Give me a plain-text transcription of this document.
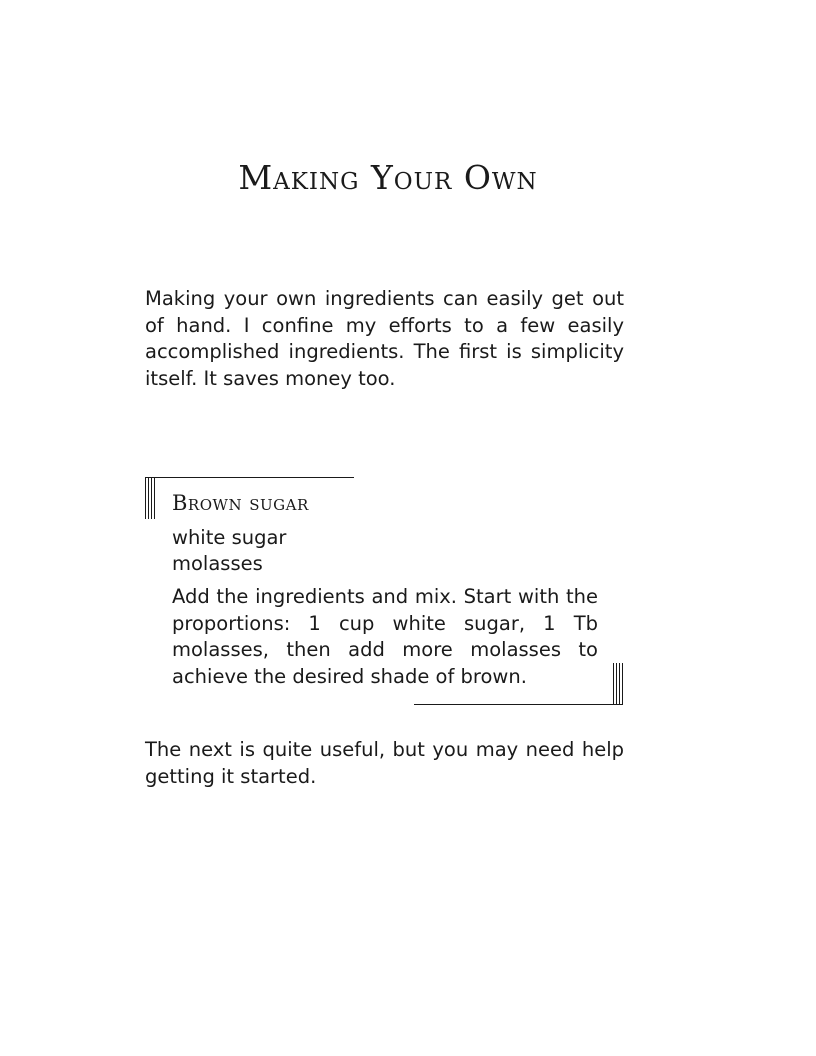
Making Your Own

Making your own ingredients can easily get out of hand. I confine my efforts to a few easily accomplished ingredients. The first is simplicity itself. It saves money too.

Brown sugar
white sugar
molasses

Add the ingredients and mix. Start with the proportions: 1 cup white sugar, 1 Tb molasses, then add more molasses to achieve the desired shade of brown.

The next is quite useful, but you may need help getting it started.
